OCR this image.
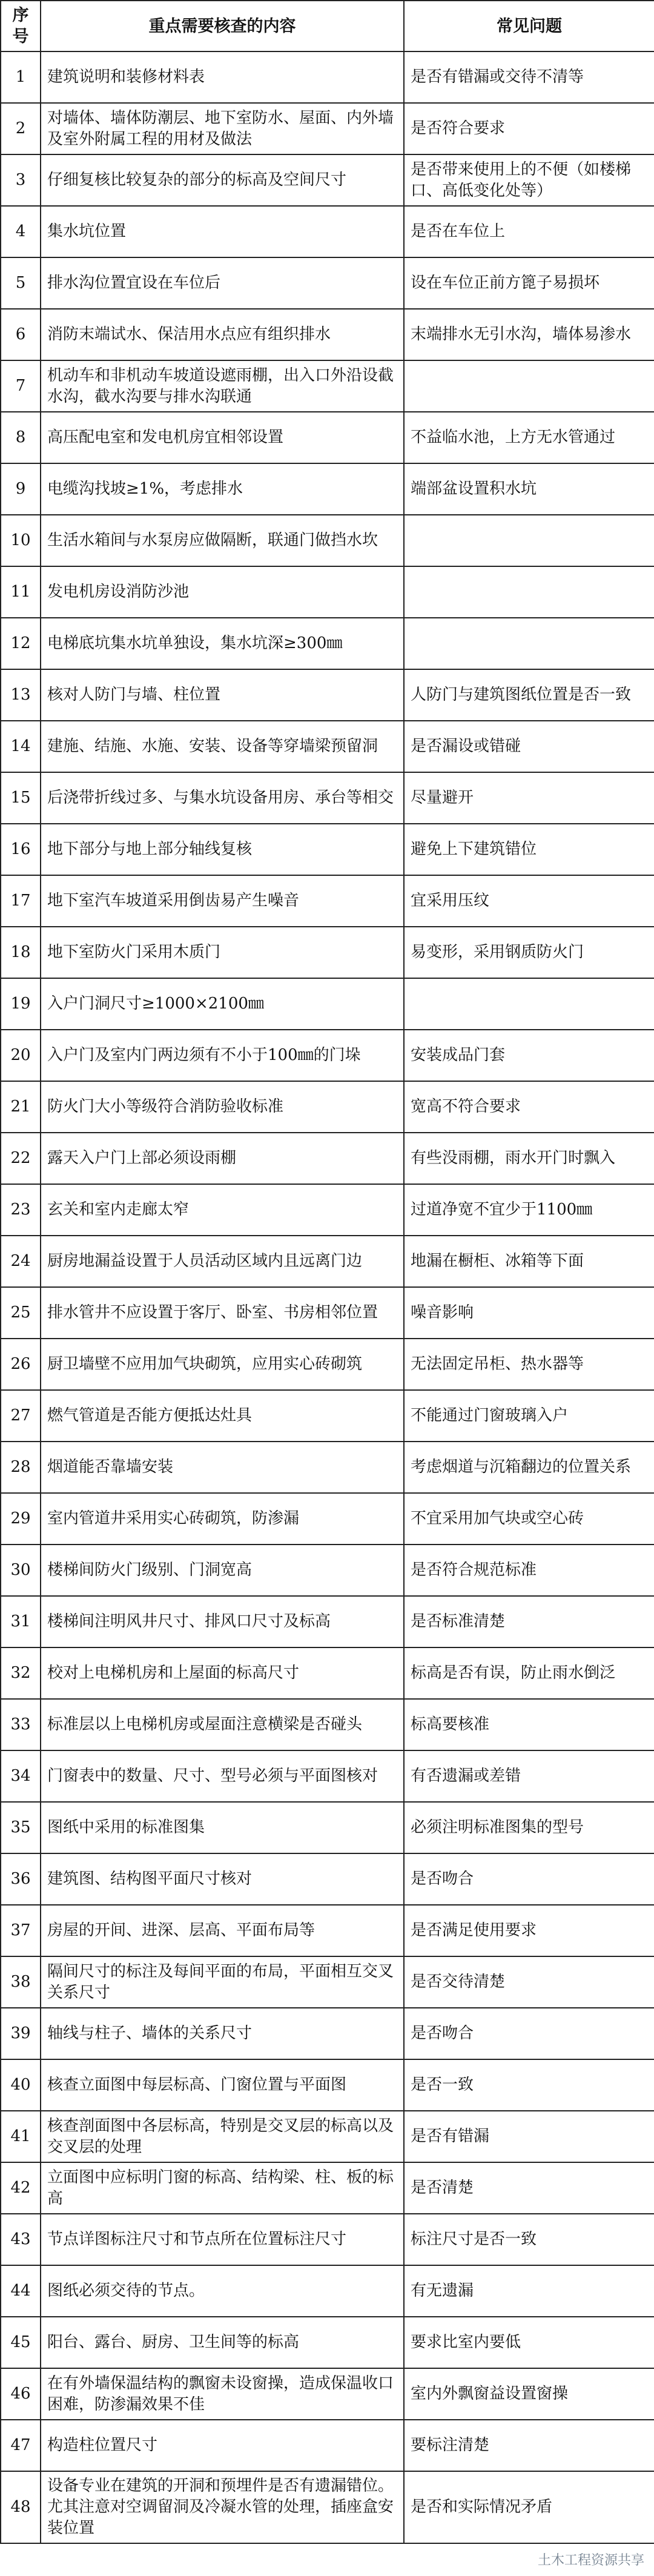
序号	重点需要核查的内容	常见问题
1	建筑说明和装修材料表	是否有错漏或交待不清等
2	对墙体、墙体防潮层、地下室防水、屋面、内外墙及室外附属工程的用材及做法	是否符合要求
3	仔细复核比较复杂的部分的标高及空间尺寸	是否带来使用上的不便（如楼梯口、高低变化处等）
4	集水坑位置	是否在车位上
5	排水沟位置宜设在车位后	设在车位正前方篦子易损坏
6	消防末端试水、保洁用水点应有组织排水	末端排水无引水沟，墙体易渗水
7	机动车和非机动车坡道设遮雨棚，出入口外沿设截水沟，截水沟要与排水沟联通	
8	高压配电室和发电机房宜相邻设置	不益临水池，上方无水管通过
9	电缆沟找坡≥1%，考虑排水	端部盆设置积水坑
10	生活水箱间与水泵房应做隔断，联通门做挡水坎	
11	发电机房设消防沙池	
12	电梯底坑集水坑单独设，集水坑深≥300㎜	
13	核对人防门与墙、柱位置	人防门与建筑图纸位置是否一致
14	建施、结施、水施、安装、设备等穿墙梁预留洞	是否漏设或错碰
15	后浇带折线过多、与集水坑设备用房、承台等相交	尽量避开
16	地下部分与地上部分轴线复核	避免上下建筑错位
17	地下室汽车坡道采用倒齿易产生噪音	宜采用压纹
18	地下室防火门采用木质门	易变形，采用钢质防火门
19	入户门洞尺寸≥1000×2100㎜	
20	入户门及室内门两边须有不小于100㎜的门垛	安装成品门套
21	防火门大小等级符合消防验收标准	宽高不符合要求
22	露天入户门上部必须设雨棚	有些没雨棚，雨水开门时飘入
23	玄关和室内走廊太窄	过道净宽不宜少于1100㎜
24	厨房地漏益设置于人员活动区域内且远离门边	地漏在橱柜、冰箱等下面
25	排水管井不应设置于客厅、卧室、书房相邻位置	噪音影响
26	厨卫墙壁不应用加气块砌筑，应用实心砖砌筑	无法固定吊柜、热水器等
27	燃气管道是否能方便抵达灶具	不能通过门窗玻璃入户
28	烟道能否靠墙安装	考虑烟道与沉箱翻边的位置关系
29	室内管道井采用实心砖砌筑，防渗漏	不宜采用加气块或空心砖
30	楼梯间防火门级别、门洞宽高	是否符合规范标准
31	楼梯间注明风井尺寸、排风口尺寸及标高	是否标准清楚
32	校对上电梯机房和上屋面的标高尺寸	标高是否有误，防止雨水倒泛
33	标准层以上电梯机房或屋面注意横梁是否碰头	标高要核准
34	门窗表中的数量、尺寸、型号必须与平面图核对	有否遗漏或差错
35	图纸中采用的标准图集	必须注明标准图集的型号
36	建筑图、结构图平面尺寸核对	是否吻合
37	房屋的开间、进深、层高、平面布局等	是否满足使用要求
38	隔间尺寸的标注及每间平面的布局，平面相互交叉关系尺寸	是否交待清楚
39	轴线与柱子、墙体的关系尺寸	是否吻合
40	核查立面图中每层标高、门窗位置与平面图	是否一致
41	核查剖面图中各层标高，特别是交叉层的标高以及交叉层的处理	是否有错漏
42	立面图中应标明门窗的标高、结构梁、柱、板的标高	是否清楚
43	节点详图标注尺寸和节点所在位置标注尺寸	标注尺寸是否一致
44	图纸必须交待的节点。	有无遗漏
45	阳台、露台、厨房、卫生间等的标高	要求比室内要低
46	在有外墙保温结构的飘窗未设窗操，造成保温收口困难，防渗漏效果不佳	室内外飘窗益设置窗操
47	构造柱位置尺寸	要标注清楚
48	设备专业在建筑的开洞和预埋件是否有遗漏错位。尤其注意对空调留洞及冷凝水管的处理，插座盒安装位置	是否和实际情况矛盾
土木工程资源共享
